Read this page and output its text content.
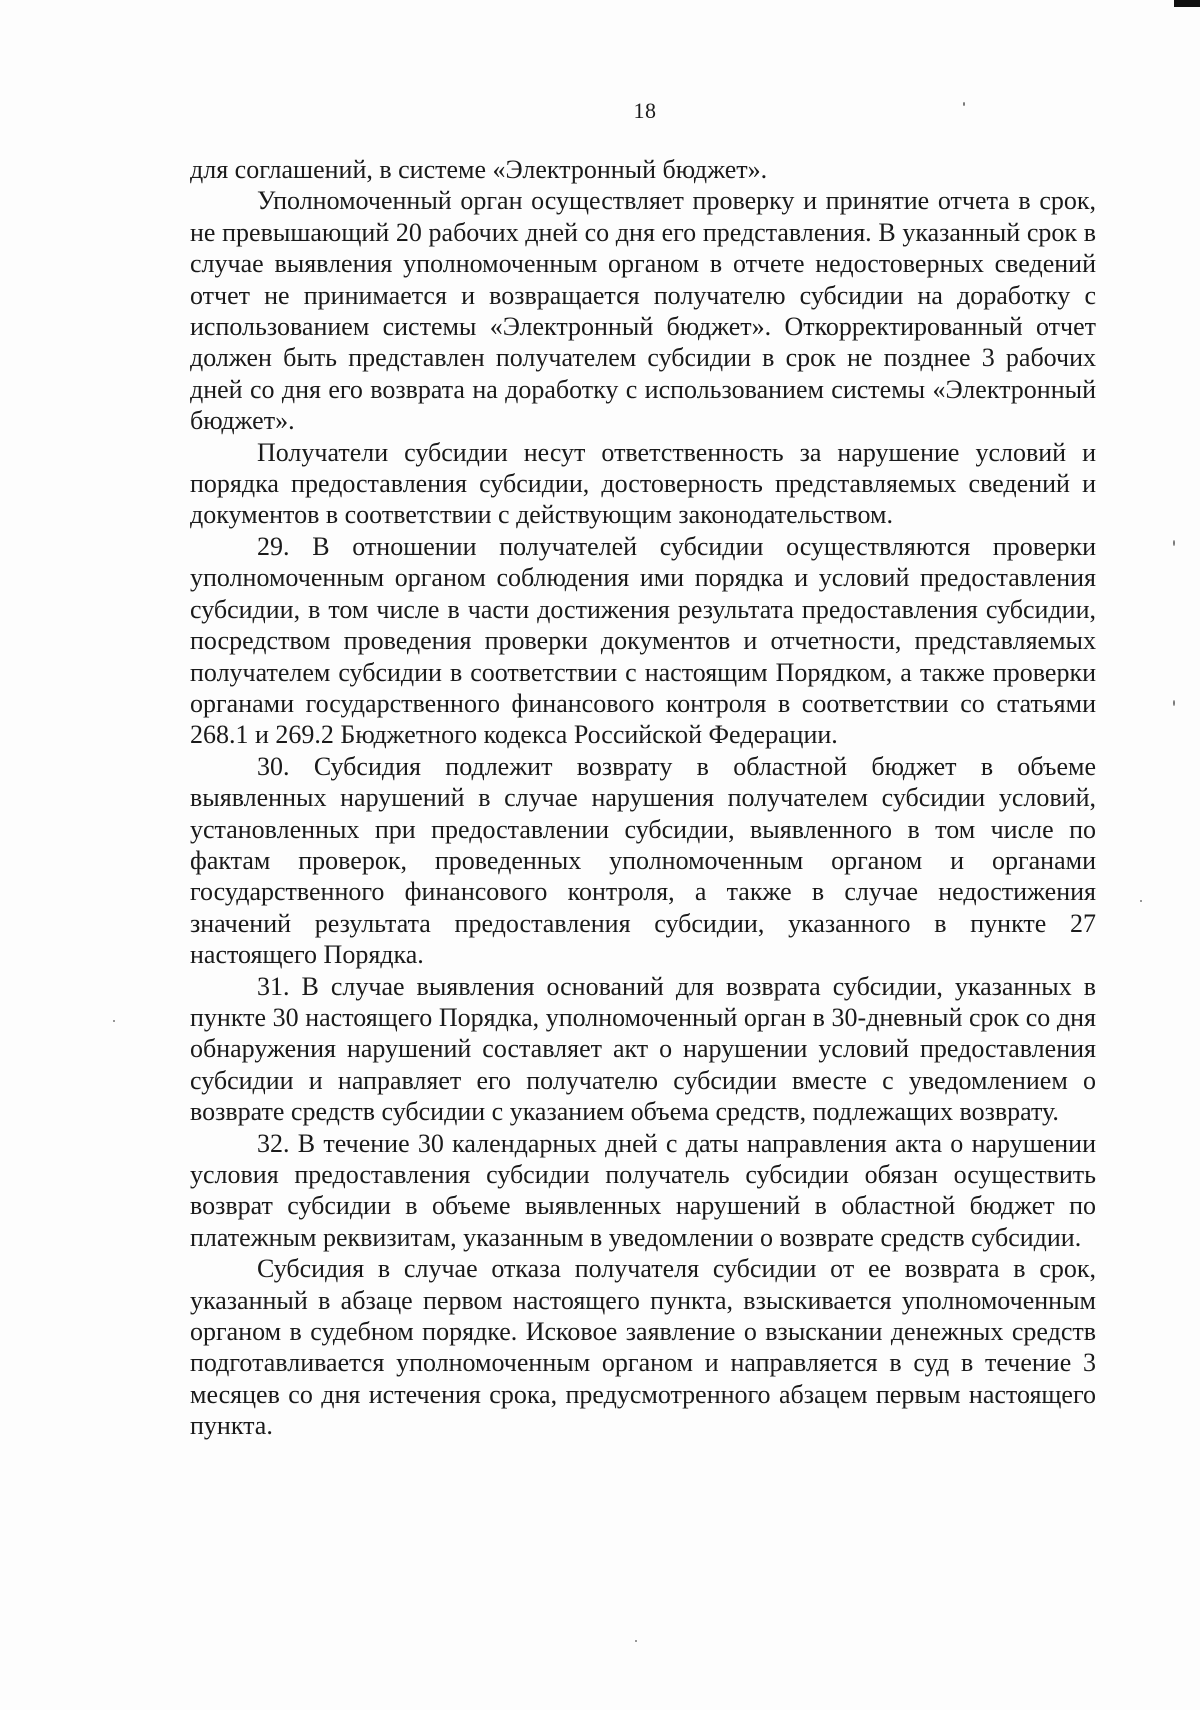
18

для соглашений, в системе «Электронный бюджет».

Уполномоченный орган осуществляет проверку и принятие отчета в срок, не превышающий 20 рабочих дней со дня его представления. В указанный срок в случае выявления уполномоченным органом в отчете недостоверных сведений отчет не принимается и возвращается получателю субсидии на доработку с использованием системы «Электронный бюджет». Откорректированный отчет должен быть представлен получателем субсидии в срок не позднее 3 рабочих дней со дня его возврата на доработку с использованием системы «Электронный бюджет».

Получатели субсидии несут ответственность за нарушение условий и порядка предоставления субсидии, достоверность представляемых сведений и документов в соответствии с действующим законодательством.

29. В отношении получателей субсидии осуществляются проверки уполномоченным органом соблюдения ими порядка и условий предоставления субсидии, в том числе в части достижения результата предоставления субсидии, посредством проведения проверки документов и отчетности, представляемых получателем субсидии в соответствии с настоящим Порядком, а также проверки органами государственного финансового контроля в соответствии со статьями 268.1 и 269.2 Бюджетного кодекса Российской Федерации.

30. Субсидия подлежит возврату в областной бюджет в объеме выявленных нарушений в случае нарушения получателем субсидии условий, установленных при предоставлении субсидии, выявленного в том числе по фактам проверок, проведенных уполномоченным органом и органами государственного финансового контроля, а также в случае недостижения значений результата предоставления субсидии, указанного в пункте 27 настоящего Порядка.

31. В случае выявления оснований для возврата субсидии, указанных в пункте 30 настоящего Порядка, уполномоченный орган в 30-дневный срок со дня обнаружения нарушений составляет акт о нарушении условий предоставления субсидии и направляет его получателю субсидии вместе с уведомлением о возврате средств субсидии с указанием объема средств, подлежащих возврату.

32. В течение 30 календарных дней с даты направления акта о нарушении условия предоставления субсидии получатель субсидии обязан осуществить возврат субсидии в объеме выявленных нарушений в областной бюджет по платежным реквизитам, указанным в уведомлении о возврате средств субсидии.

Субсидия в случае отказа получателя субсидии от ее возврата в срок, указанный в абзаце первом настоящего пункта, взыскивается уполномоченным органом в судебном порядке. Исковое заявление о взыскании денежных средств подготавливается уполномоченным органом и направляется в суд в течение 3 месяцев со дня истечения срока, предусмотренного абзацем первым настоящего пункта.
